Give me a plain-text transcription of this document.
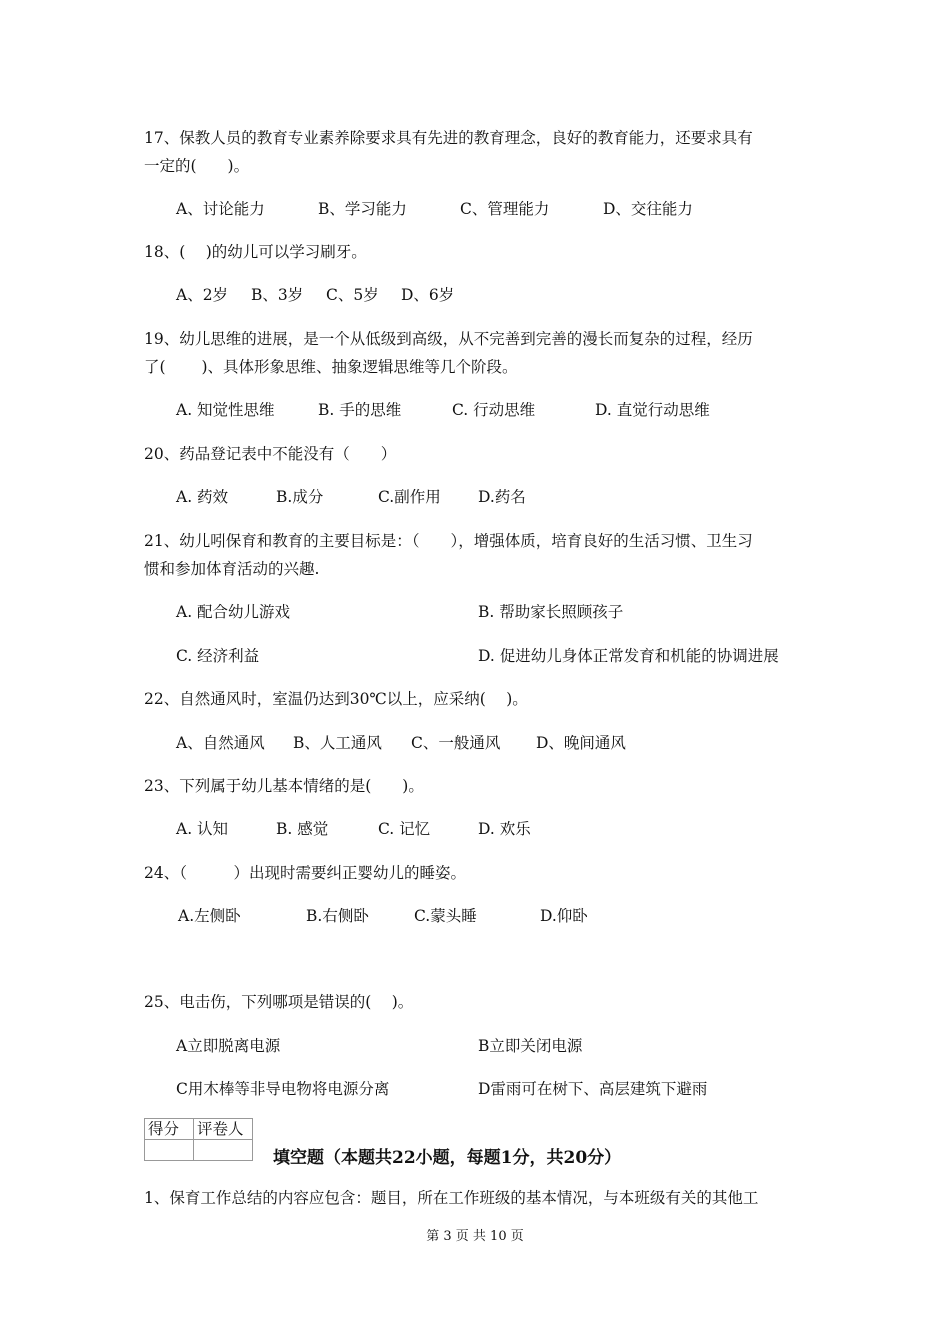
17、保教人员的教育专业素养除要求具有先进的教育理念，良好的教育能力，还要求具有
一定的(　　)。
A、讨论能力	B、学习能力	C、管理能力	D、交往能力
18、(　 )的幼儿可以学习刷牙。
A、2岁 B、3岁 C、5岁 D、6岁
19、幼儿思维的进展，是一个从低级到高级，从不完善到完善的漫长而复杂的过程，经历
了(　　 )、具体形象思维、抽象逻辑思维等几个阶段。
A. 知觉性思维	B. 手的思维	C. 行动思维	D. 直觉行动思维
20、药品登记表中不能没有（　　）
A. 药效	B.成分	C.副作用 D.药名
21、幼儿吲保育和教育的主要目标是：（　　），增强体质，培育良好的生活习惯、卫生习
惯和参加体育活动的兴趣.
A. 配合幼儿游戏	B. 帮助家长照顾孩子
C. 经济利益	D. 促进幼儿身体正常发育和机能的协调进展
22、自然通风时，室温仍达到30℃以上，应采纳(　 )。
A、自然通风 B、人工通风 C、一般通风 D、晚间通风
23、下列属于幼儿基本情绪的是(　　)。
A. 认知	B. 感觉	C. 记忆	D. 欢乐
24、（　　　）出现时需要纠正婴幼儿的睡姿。
A.左侧卧	B.右侧卧	C.蒙头睡	D.仰卧
25、电击伤，下列哪项是错误的(　 )。
A立即脱离电源	B立即关闭电源
C用木棒等非导电物将电源分离	D雷雨可在树下、高层建筑下避雨
得分	评卷人

填空题（本题共22小题，每题1分，共20分）
1、保育工作总结的内容应包含：题目，所在工作班级的基本情况，与本班级有关的其他工
第 3 页 共 10 页
